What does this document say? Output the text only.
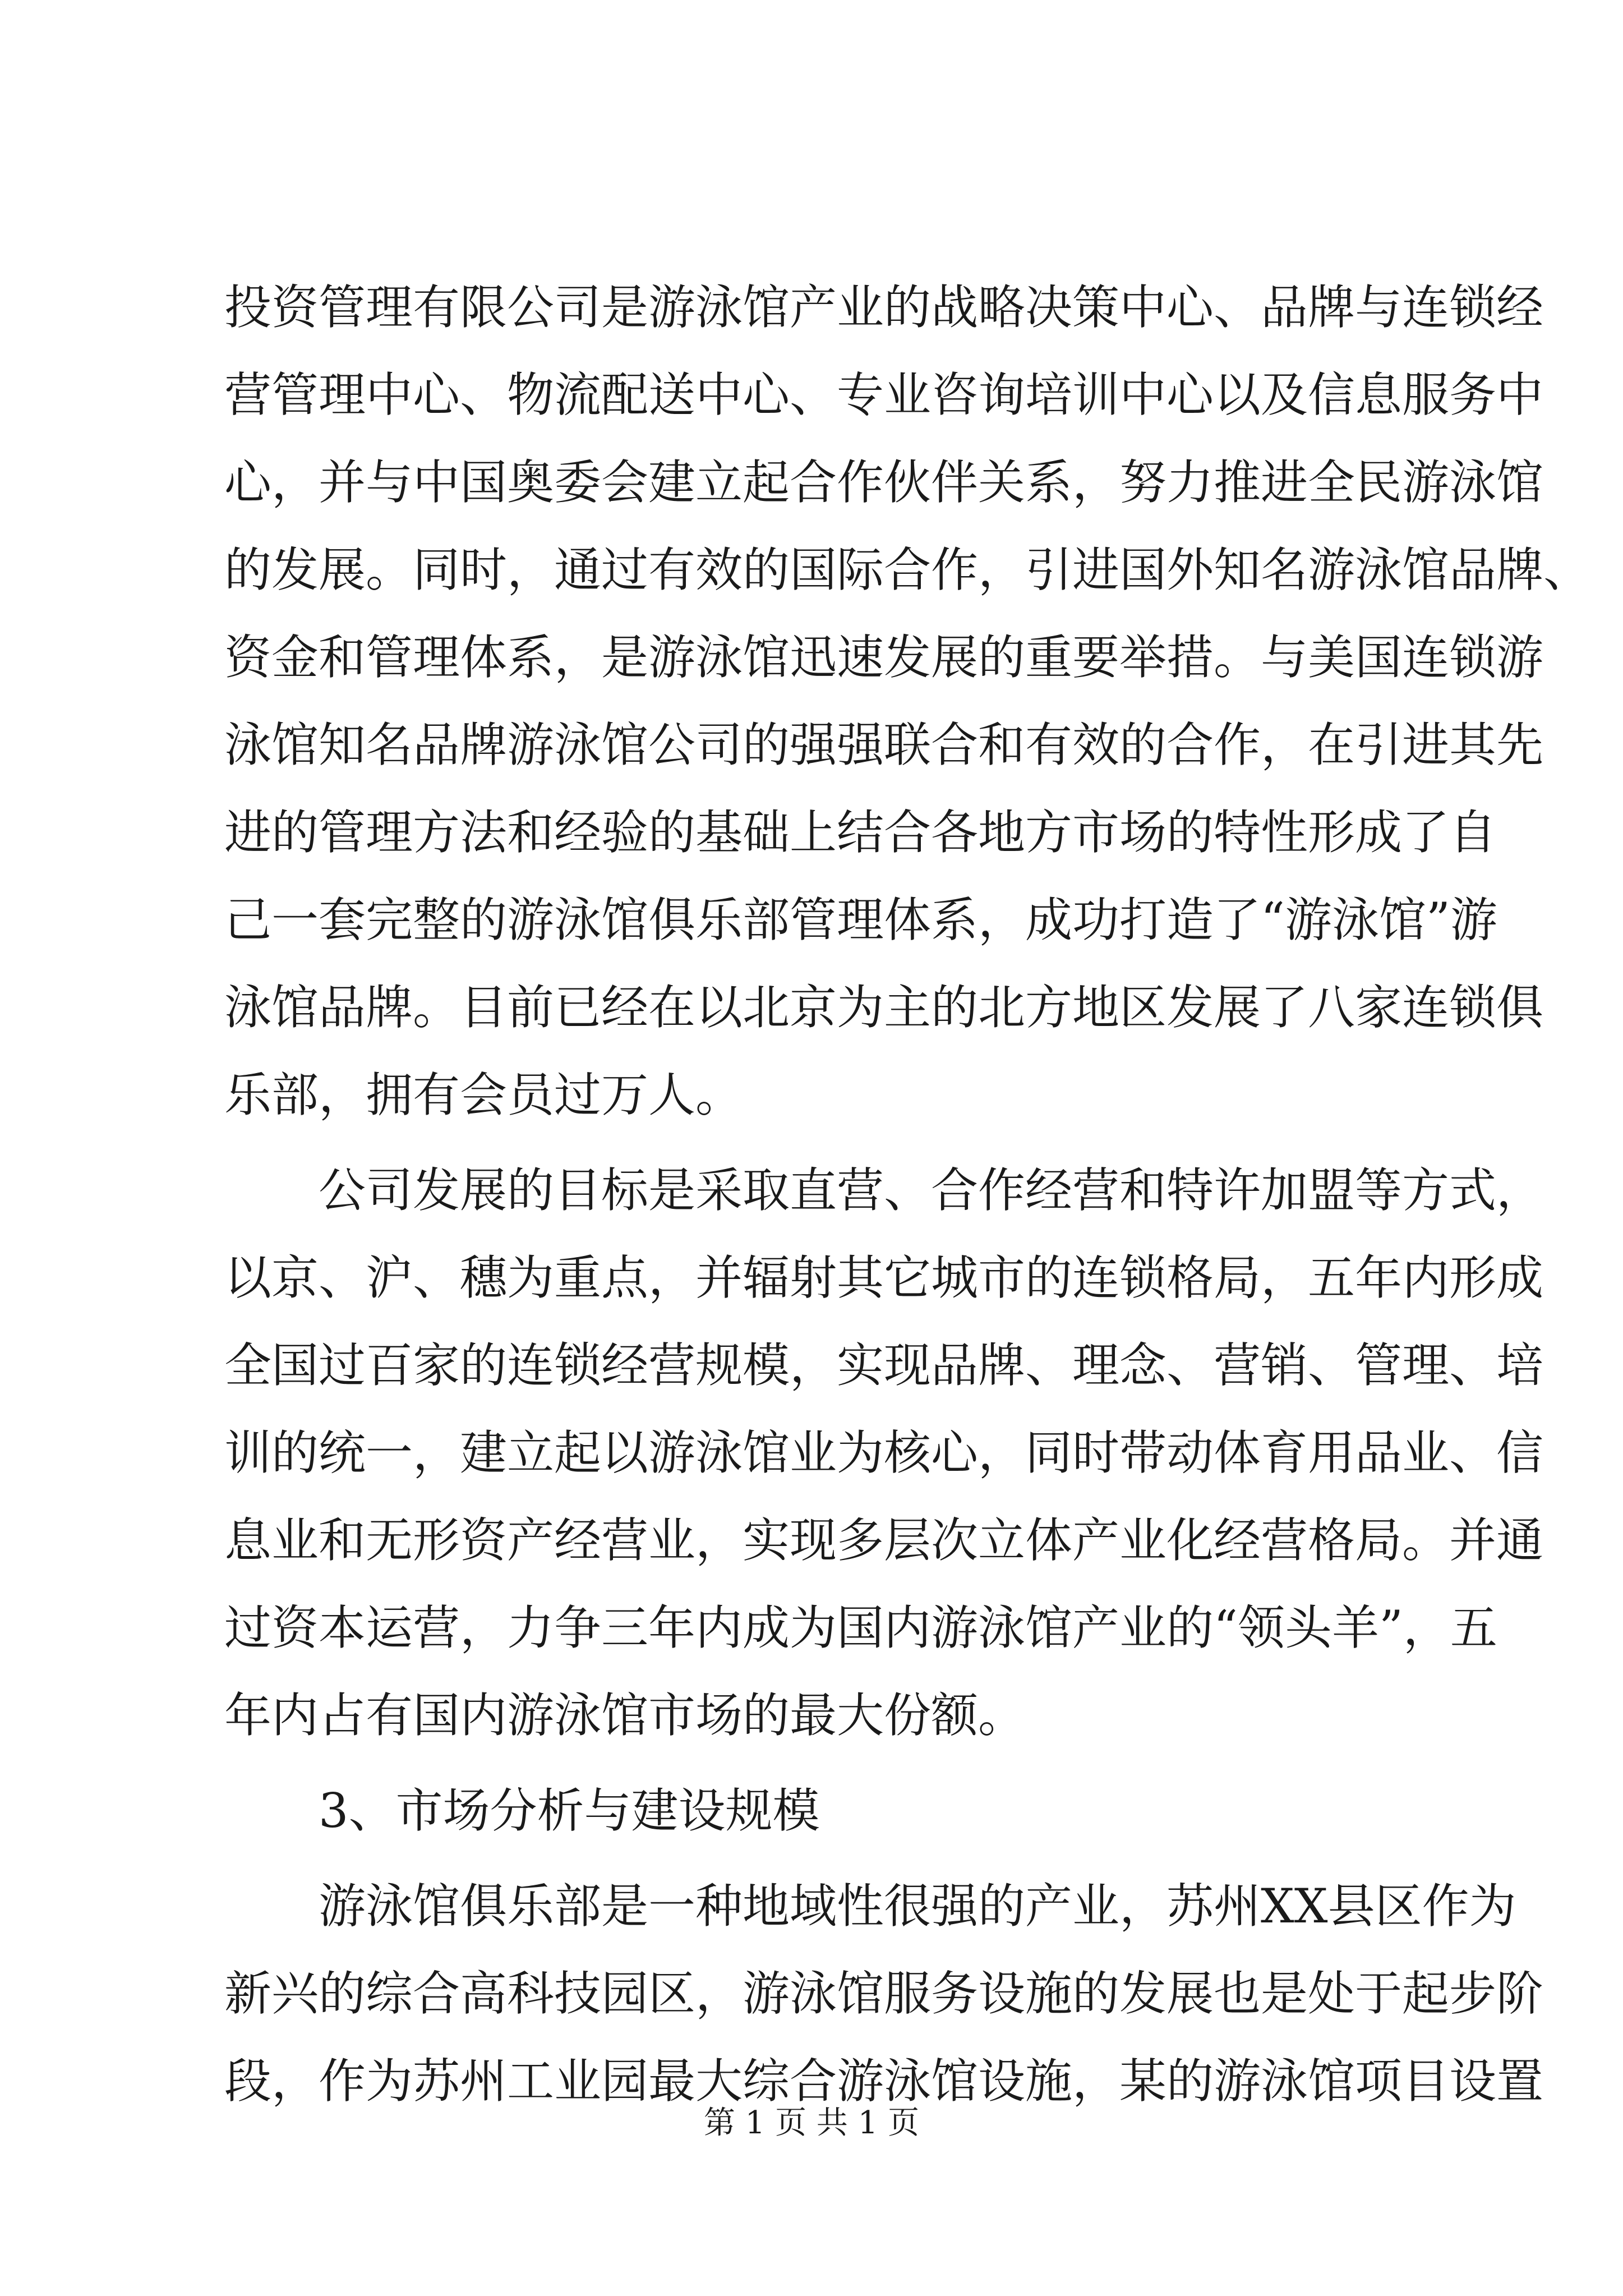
投资管理有限公司是游泳馆产业的战略决策中心、品牌与连锁经
营管理中心、物流配送中心、专业咨询培训中心以及信息服务中
心，并与中国奥委会建立起合作伙伴关系，努力推进全民游泳馆
的发展。同时，通过有效的国际合作，引进国外知名游泳馆品牌、
资金和管理体系，是游泳馆迅速发展的重要举措。与美国连锁游
泳馆知名品牌游泳馆公司的强强联合和有效的合作，在引进其先
进的管理方法和经验的基础上结合各地方市场的特性形成了自
己一套完整的游泳馆俱乐部管理体系，成功打造了“游泳馆”游
泳馆品牌。目前已经在以北京为主的北方地区发展了八家连锁俱
乐部，拥有会员过万人。
公司发展的目标是采取直营、合作经营和特许加盟等方式，
以京、沪、穗为重点，并辐射其它城市的连锁格局，五年内形成
全国过百家的连锁经营规模，实现品牌、理念、营销、管理、培
训的统一，建立起以游泳馆业为核心，同时带动体育用品业、信
息业和无形资产经营业，实现多层次立体产业化经营格局。并通
过资本运营，力争三年内成为国内游泳馆产业的“领头羊”，五
年内占有国内游泳馆市场的最大份额。
3、市场分析与建设规模
游泳馆俱乐部是一种地域性很强的产业，苏州XX县区作为
新兴的综合高科技园区，游泳馆服务设施的发展也是处于起步阶
段，作为苏州工业园最大综合游泳馆设施，某的游泳馆项目设置
第 1 页 共 1 页
